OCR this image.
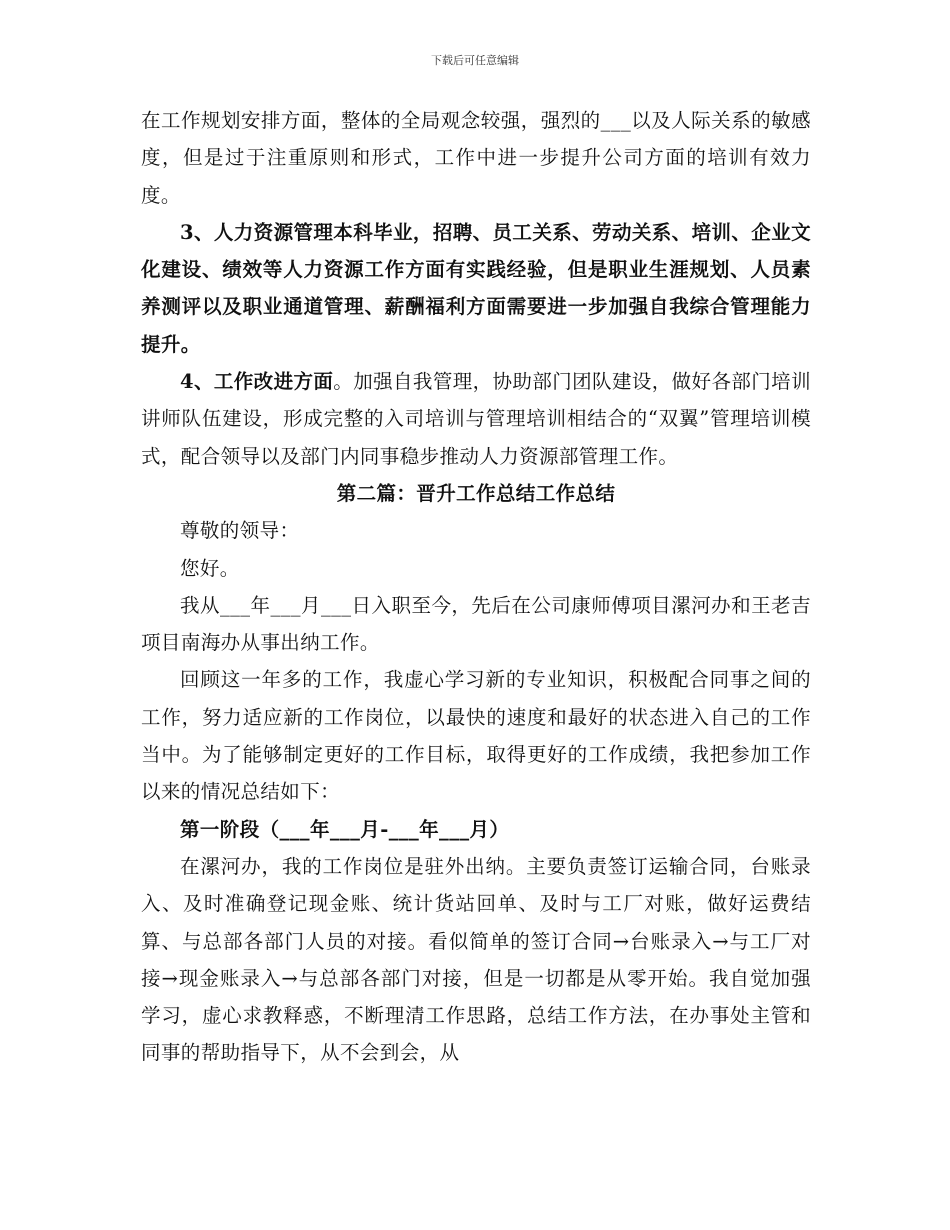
下载后可任意编辑

在工作规划安排方面，整体的全局观念较强，强烈的___以及人际关系的敏感度，但是过于注重原则和形式，工作中进一步提升公司方面的培训有效力度。

3、人力资源管理本科毕业，招聘、员工关系、劳动关系、培训、企业文化建设、绩效等人力资源工作方面有实践经验，但是职业生涯规划、人员素养测评以及职业通道管理、薪酬福利方面需要进一步加强自我综合管理能力提升。

4、工作改进方面。加强自我管理，协助部门团队建设，做好各部门培训讲师队伍建设，形成完整的入司培训与管理培训相结合的“双翼”管理培训模式，配合领导以及部门内同事稳步推动人力资源部管理工作。

第二篇：晋升工作总结工作总结

尊敬的领导：

您好。

我从___年___月___日入职至今，先后在公司康师傅项目漯河办和王老吉项目南海办从事出纳工作。

回顾这一年多的工作，我虚心学习新的专业知识，积极配合同事之间的工作，努力适应新的工作岗位，以最快的速度和最好的状态进入自己的工作当中。为了能够制定更好的工作目标，取得更好的工作成绩，我把参加工作以来的情况总结如下：

第一阶段（___年___月-___年___月）

在漯河办，我的工作岗位是驻外出纳。主要负责签订运输合同，台账录入、及时准确登记现金账、统计货站回单、及时与工厂对账，做好运费结算、与总部各部门人员的对接。看似简单的签订合同→台账录入→与工厂对接→现金账录入→与总部各部门对接，但是一切都是从零开始。我自觉加强学习，虚心求教释惑，不断理清工作思路，总结工作方法，在办事处主管和同事的帮助指导下，从不会到会，从
